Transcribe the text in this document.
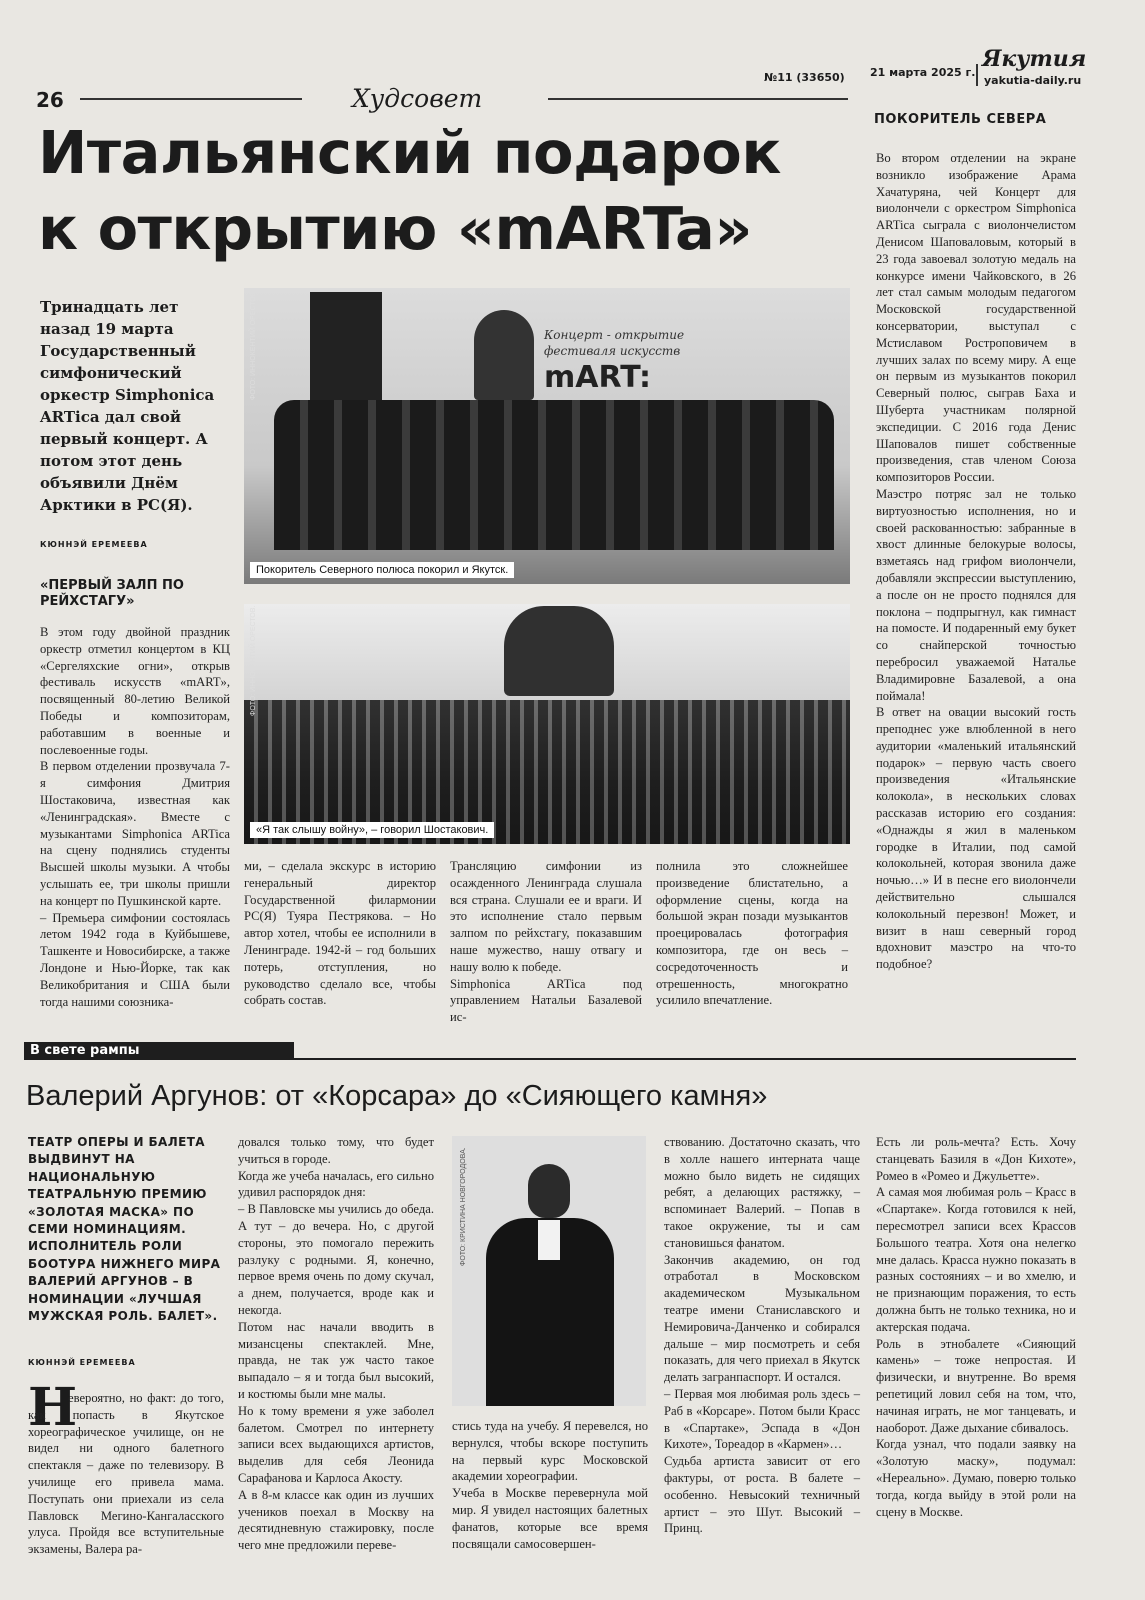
26	Худсовет
№11 (33650) 21 марта 2025 г.
Якутия
yakutia-daily.ru
Итальянский подарок
к открытию «mARTa»
Тринадцать лет назад 19 марта Государственный симфонический оркестр Simphonica ARTica дал свой первый концерт. А потом этот день объявили Днём Арктики в РС(Я).
КЮННЭЙ ЕРЕМЕЕВА
«ПЕРВЫЙ ЗАЛП ПО РЕЙХСТАГУ»
Концерт - открытие
фестиваля искусств
mART:
ФОТО: ИННОКЕНТИЙ ОРЕСТОВ.
Покоритель Северного полюса покорил и Якутск.
ФОТО: ИННОКЕНТИЙ ОРЕСТОВ.
«Я так слышу войну», – говорил Шостакович.

В этом году двойной праздник оркестр отметил концертом в КЦ «Сергеляхские огни», открыв фестиваль искусств «mART», посвященный 80-летию Великой Победы и композиторам, работавшим в военные и послевоенные годы.
В первом отделении прозвучала 7-я симфония Дмитрия Шостаковича, известная как «Ленинградская». Вместе с музыкантами Simphonica ARTica на сцену поднялись студенты Высшей школы музыки. А чтобы услышать ее, три школы пришли на концерт по Пушкинской карте.
– Премьера симфонии состоялась летом 1942 года в Куйбышеве, Ташкенте и Новосибирске, а также Лондоне и Нью-Йорке, так как Великобритания и США были тогда нашими союзника-

ми, – сделала экскурс в историю генеральный директор Государственной филармонии РС(Я) Туяра Пестрякова. – Но автор хотел, чтобы ее исполнили в Ленинграде. 1942-й – год больших потерь, отступления, но руководство сделало все, чтобы собрать состав.

Трансляцию симфонии из осажденного Ленинграда слушала вся страна. Слушали ее и враги. И это исполнение стало первым залпом по рейхстагу, показавшим наше мужество, нашу отвагу и нашу волю к победе.
Simphonica ARTica под управлением Натальи Базалевой ис-

полнила это сложнейшее произведение блистательно, а оформление сцены, когда на большой экран позади музыкантов проецировалась фотография композитора, где он весь – сосредоточенность и отрешенность, многократно усилило впечатление.

ПОКОРИТЕЛЬ СЕВЕРА

Во втором отделении на экране возникло изображение Арама Хачатуряна, чей Концерт для виолончели с оркестром Simphonica ARTica сыграла с виолончелистом Денисом Шаповаловым, который в 23 года завоевал золотую медаль на конкурсе имени Чайковского, в 26 лет стал самым молодым педагогом Московской государственной консерватории, выступал с Мстиславом Ростроповичем в лучших залах по всему миру. А еще он первым из музыкантов покорил Северный полюс, сыграв Баха и Шуберта участникам полярной экспедиции. С 2016 года Денис Шаповалов пишет собственные произведения, став членом Союза композиторов России.
Маэстро потряс зал не только виртуозностью исполнения, но и своей раскованностью: забранные в хвост длинные белокурые волосы, взметаясь над грифом виолончели, добавляли экспрессии выступлению, а после он не просто поднялся для поклона – подпрыгнул, как гимнаст на помосте. И подаренный ему букет со снайперской точностью перебросил уважаемой Наталье Владимировне Базалевой, а она поймала!
В ответ на овации высокий гость преподнес уже влюбленной в него аудитории «маленький итальянский подарок» – первую часть своего произведения «Итальянские колокола», в нескольких словах рассказав историю его создания: «Однажды я жил в маленьком городке в Италии, под самой колокольней, которая звонила даже ночью…» И в песне его виолончели действительно слышался колокольный перезвон! Может, и визит в наш северный город вдохновит маэстро на что-то подобное?

В свете рампы
Валерий Аргунов: от «Корсара» до «Сияющего камня»
ТЕАТР ОПЕРЫ И БАЛЕТА ВЫДВИНУТ НА НАЦИОНАЛЬНУЮ ТЕАТРАЛЬНУЮ ПРЕМИЮ «ЗОЛОТАЯ МАСКА» ПО СЕМИ НОМИНАЦИЯМ. ИСПОЛНИТЕЛЬ РОЛИ БООТУРА НИЖНЕГО МИРА ВАЛЕРИЙ АРГУНОВ – В НОМИНАЦИИ «ЛУЧШАЯ МУЖСКАЯ РОЛЬ. БАЛЕТ».
КЮННЭЙ ЕРЕМЕЕВА
Н

евероятно, но факт: до того, как попасть в Якутское хореографическое училище, он не видел ни одного балетного спектакля – даже по телевизору. В училище его привела мама. Поступать они приехали из села Павловск Мегино-Кангаласского улуса. Пройдя все вступительные экзамены, Валера ра-

довался только тому, что будет учиться в городе.
Когда же учеба началась, его сильно удивил распорядок дня:
– В Павловске мы учились до обеда. А тут – до вечера. Но, с другой стороны, это помогало пережить разлуку с родными. Я, конечно, первое время очень по дому скучал, а днем, получается, вроде как и некогда.
Потом нас начали вводить в мизансцены спектаклей. Мне, правда, не так уж часто такое выпадало – я и тогда был высокий, и костюмы были мне малы.
Но к тому времени я уже заболел балетом. Смотрел по интернету записи всех выдающихся артистов, выделив для себя Леонида Сарафанова и Карлоса Акосту.
А в 8-м классе как один из лучших учеников поехал в Москву на десятидневную стажировку, после чего мне предложили переве-

ФОТО: КРИСТИНА НОВГОРОДОВА.

стись туда на учебу. Я перевелся, но вернулся, чтобы вскоре поступить на первый курс Московской академии хореографии.
Учеба в Москве перевернула мой мир. Я увидел настоящих балетных фанатов, которые все время посвящали самосовершен-

ствованию. Достаточно сказать, что в холле нашего интерната чаще можно было видеть не сидящих ребят, а делающих растяжку, – вспоминает Валерий. – Попав в такое окружение, ты и сам становишься фанатом.
Закончив академию, он год отработал в Московском академическом Музыкальном театре имени Станиславского и Немировича-Данченко и собирался дальше – мир посмотреть и себя показать, для чего приехал в Якутск делать загранпаспорт. И остался.
– Первая моя любимая роль здесь – Раб в «Корсаре». Потом были Красс в «Спартаке», Эспада в «Дон Кихоте», Тореадор в «Кармен»…
Судьба артиста зависит от его фактуры, от роста. В балете – особенно. Невысокий техничный артист – это Шут. Высокий – Принц.

Есть ли роль-мечта? Есть. Хочу станцевать Базиля в «Дон Кихоте», Ромео в «Ромео и Джульетте».
А самая моя любимая роль – Красс в «Спартаке». Когда готовился к ней, пересмотрел записи всех Крассов Большого театра. Хотя она нелегко мне далась. Красса нужно показать в разных состояниях – и во хмелю, и не признающим поражения, то есть должна быть не только техника, но и актерская подача.
Роль в этнобалете «Сияющий камень» – тоже непростая. И физически, и внутренне. Во время репетиций ловил себя на том, что, начиная играть, не мог танцевать, и наоборот. Даже дыхание сбивалось.
Когда узнал, что подали заявку на «Золотую маску», подумал: «Нереально». Думаю, поверю только тогда, когда выйду в этой роли на сцену в Москве.
